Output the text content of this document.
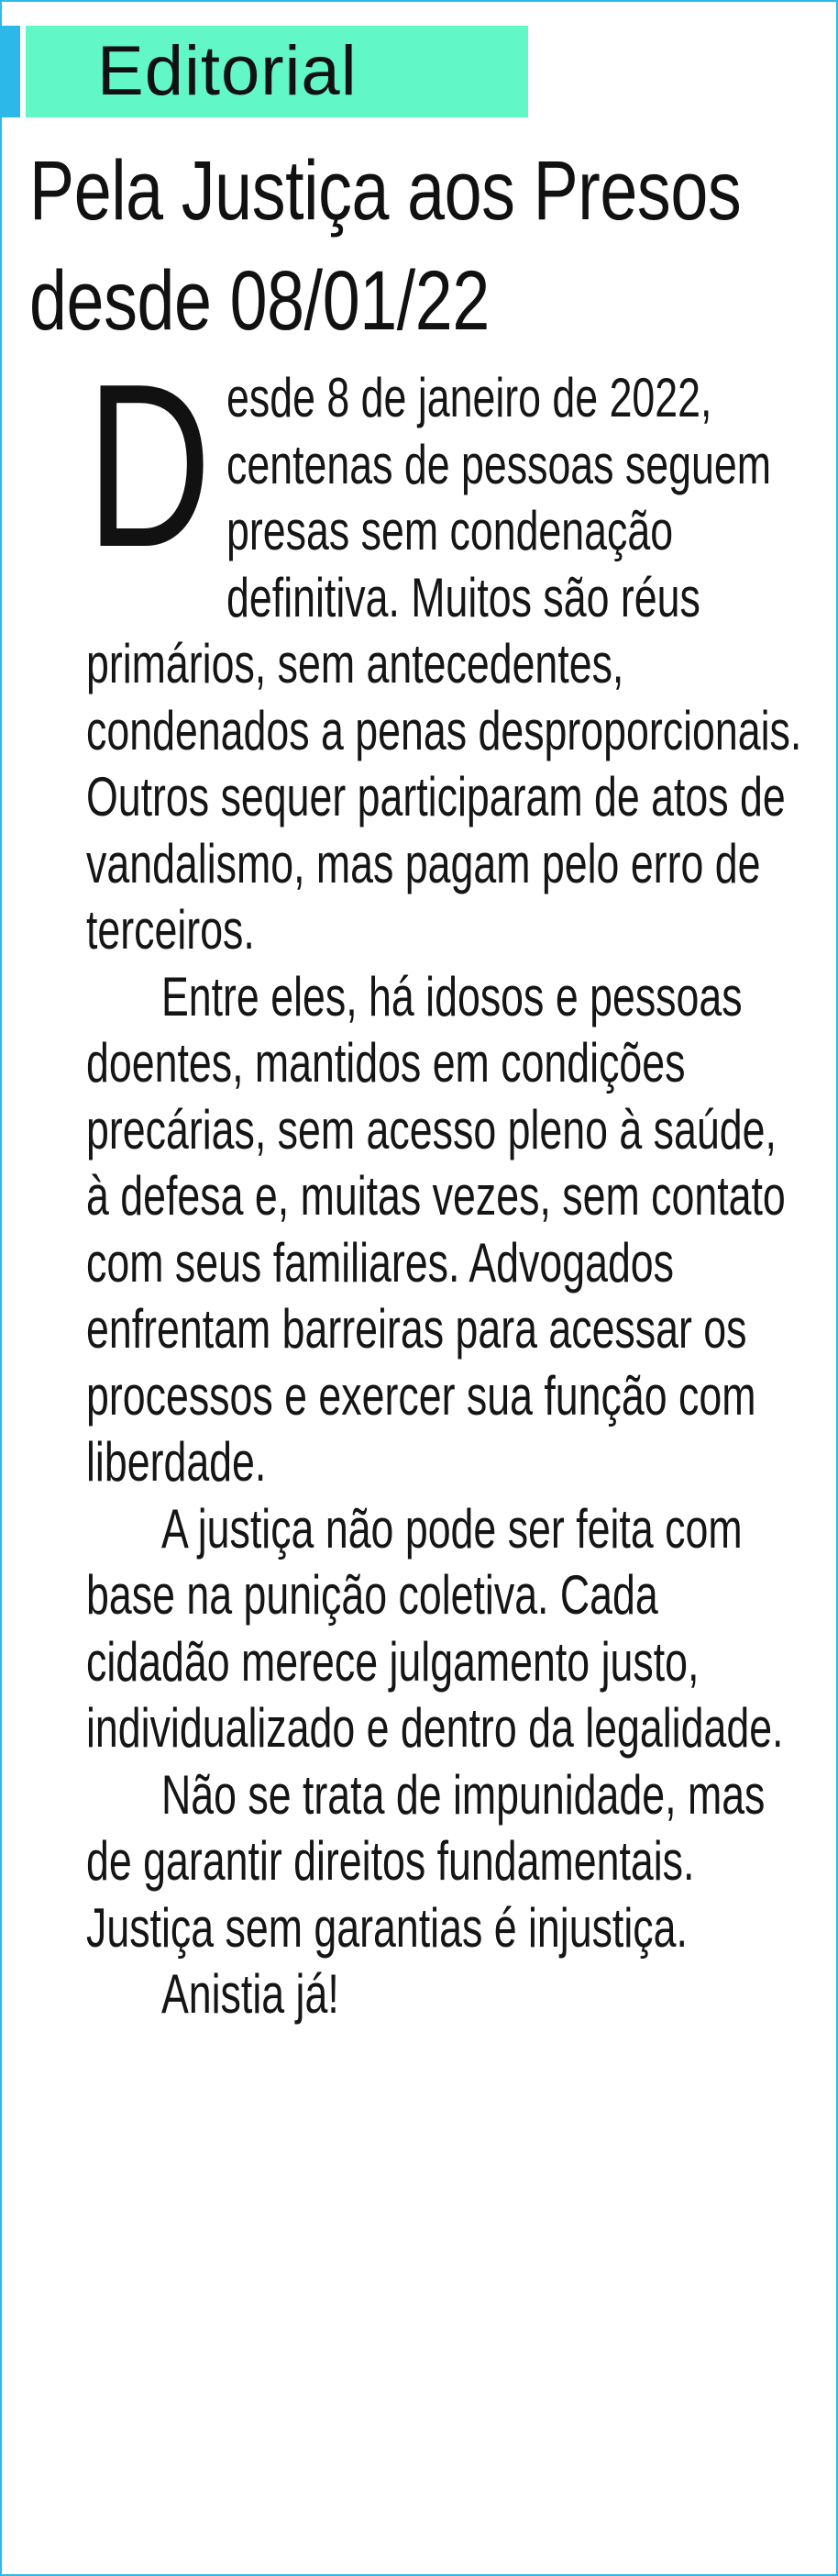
Editorial
Pela Justiça aos Presos desde 08/01/22

Desde 8 de janeiro de 2022, centenas de pessoas seguem presas sem condenação definitiva. Muitos são réus primários, sem antecedentes, condenados a penas desproporcionais. Outros sequer participaram de atos de vandalismo, mas pagam pelo erro de terceiros.

Entre eles, há idosos e pessoas doentes, mantidos em condições precárias, sem acesso pleno à saúde, à defesa e, muitas vezes, sem contato com seus familiares. Advogados enfrentam barreiras para acessar os processos e exercer sua função com liberdade.

A justiça não pode ser feita com base na punição coletiva. Cada cidadão merece julgamento justo, individualizado e dentro da legalidade.

Não se trata de impunidade, mas de garantir direitos fundamentais. Justiça sem garantias é injustiça.

Anistia já!
